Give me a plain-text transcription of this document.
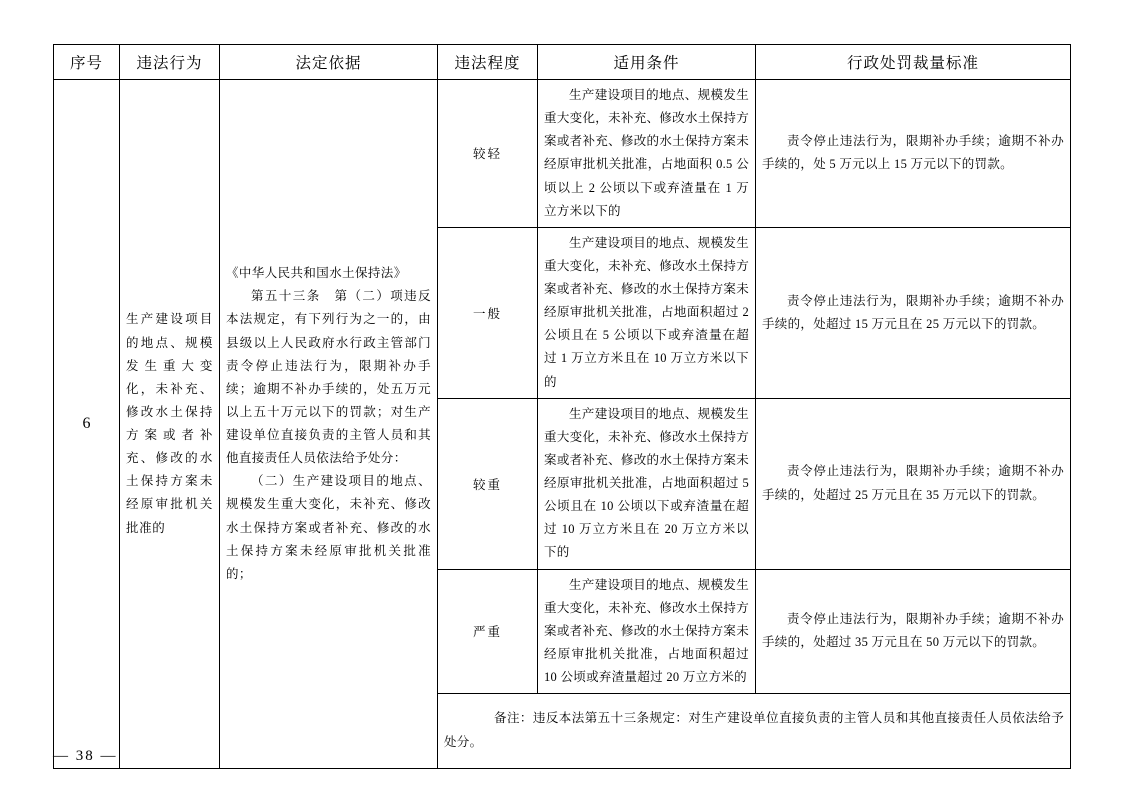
序号	违法行为	法定依据	违法程度	适用条件	行政处罚裁量标准
6	生产建设项目的地点、规模发生重大变化，未补充、修改水土保持方案或者补充、修改的水土保持方案未经原审批机关批准的	《中华人民共和国水土保持法》

第五十三条　第（二）项违反本法规定，有下列行为之一的，由县级以上人民政府水行政主管部门责令停止违法行为，限期补办手续；逾期不补办手续的，处五万元以上五十万元以下的罚款；对生产建设单位直接负责的主管人员和其他直接责任人员依法给予处分：

（二）生产建设项目的地点、规模发生重大变化，未补充、修改水土保持方案或者补充、修改的水土保持方案未经原审批机关批准的；	较轻	生产建设项目的地点、规模发生重大变化，未补充、修改水土保持方案或者补充、修改的水土保持方案未经原审批机关批准，占地面积 0.5 公顷以上 2 公顷以下或弃渣量在 1 万立方米以下的	责令停止违法行为，限期补办手续；逾期不补办手续的，处 5 万元以上 15 万元以下的罚款。
			一般	生产建设项目的地点、规模发生重大变化，未补充、修改水土保持方案或者补充、修改的水土保持方案未经原审批机关批准，占地面积超过 2 公顷且在 5 公顷以下或弃渣量在超过 1 万立方米且在 10 万立方米以下的	责令停止违法行为，限期补办手续；逾期不补办手续的，处超过 15 万元且在 25 万元以下的罚款。
			较重	生产建设项目的地点、规模发生重大变化，未补充、修改水土保持方案或者补充、修改的水土保持方案未经原审批机关批准，占地面积超过 5 公顷且在 10 公顷以下或弃渣量在超过 10 万立方米且在 20 万立方米以下的	责令停止违法行为，限期补办手续；逾期不补办手续的，处超过 25 万元且在 35 万元以下的罚款。
			严重	生产建设项目的地点、规模发生重大变化，未补充、修改水土保持方案或者补充、修改的水土保持方案未经原审批机关批准，占地面积超过 10 公顷或弃渣量超过 20 万立方米的	责令停止违法行为，限期补办手续；逾期不补办手续的，处超过 35 万元且在 50 万元以下的罚款。
			备注：违反本法第五十三条规定：对生产建设单位直接负责的主管人员和其他直接责任人员依法给予处分。		
— 38 —
